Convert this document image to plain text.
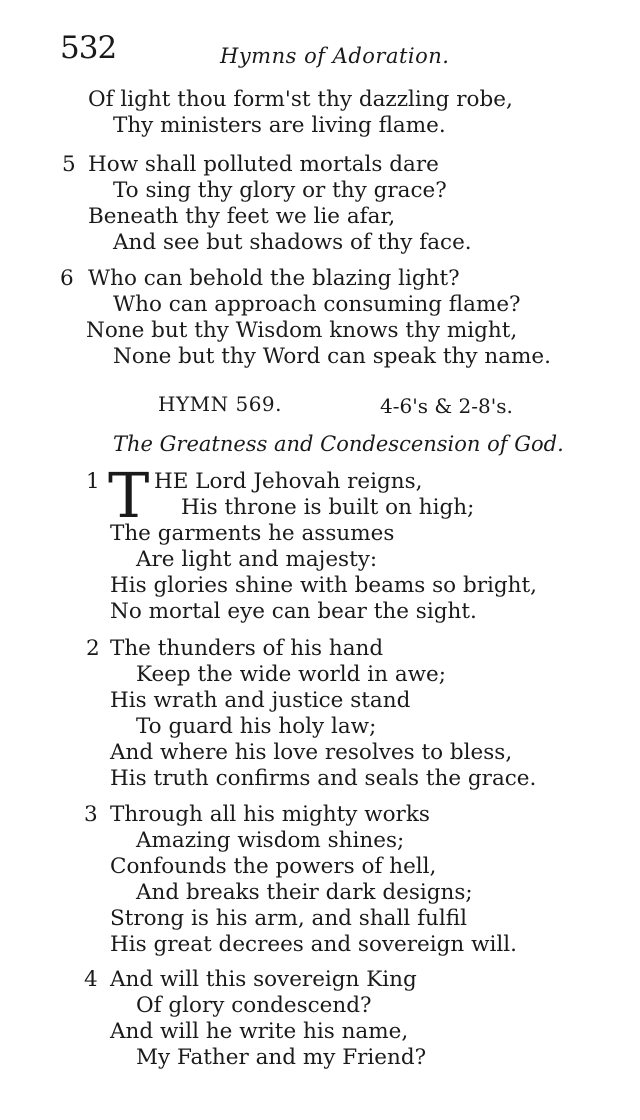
532	Hymns of Adoration.
Of light thou form'st thy dazzling robe,
Thy ministers are living flame.
5 How shall polluted mortals dare
To sing thy glory or thy grace?
Beneath thy feet we lie afar,
And see but shadows of thy face.
6 Who can behold the blazing light?
Who can approach consuming flame?
None but thy Wisdom knows thy might,
None but thy Word can speak thy name.
HYMN 569.	4-6's & 2-8's.
The Greatness and Condescension of God.
1 T HE Lord Jehovah reigns,
His throne is built on high;
The garments he assumes
Are light and majesty:
His glories shine with beams so bright,
No mortal eye can bear the sight.
2 The thunders of his hand
Keep the wide world in awe;
His wrath and justice stand
To guard his holy law;
And where his love resolves to bless,
His truth confirms and seals the grace.
3 Through all his mighty works
Amazing wisdom shines;
Confounds the powers of hell,
And breaks their dark designs;
Strong is his arm, and shall fulfil
His great decrees and sovereign will.
4 And will this sovereign King
Of glory condescend?
And will he write his name,
My Father and my Friend?
